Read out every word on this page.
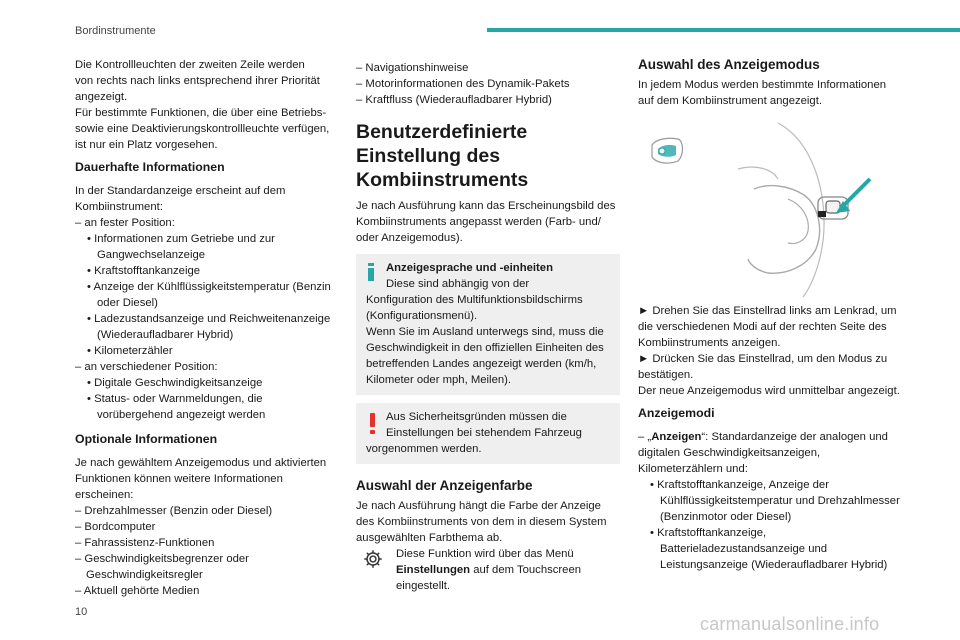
Bordinstrumente

Die Kontrollleuchten der zweiten Zeile werden

von rechts nach links entsprechend ihrer Priorität

angezeigt.

Für bestimmte Funktionen, die über eine Betriebs-

sowie eine Deaktivierungskontrollleuchte verfügen,

ist nur ein Platz vorgesehen.

Dauerhafte Informationen

In der Standardanzeige erscheint auf dem Kombiinstrument:

– an fester Position:

• Informationen zum Getriebe und zur Gangwechselanzeige

• Kraftstofftankanzeige

• Anzeige der Kühlflüssigkeitstemperatur (Benzin oder Diesel)

• Ladezustandsanzeige und Reichweitenanzeige (Wiederaufladbarer Hybrid)

• Kilometerzähler

– an verschiedener Position:

• Digitale Geschwindigkeitsanzeige

• Status- oder Warnmeldungen, die vorübergehend angezeigt werden

Optionale Informationen

Je nach gewähltem Anzeigemodus und aktivierten Funktionen können weitere Informationen erscheinen:

– Drehzahlmesser (Benzin oder Diesel)

– Bordcomputer

– Fahrassistenz-Funktionen

– Geschwindigkeitsbegrenzer oder Geschwindigkeitsregler

– Aktuell gehörte Medien

– Navigationshinweise

– Motorinformationen des Dynamik-Pakets

– Kraftfluss (Wiederaufladbarer Hybrid)

Benutzerdefinierte Einstellung des Kombiinstruments

Je nach Ausführung kann das Erscheinungsbild des Kombiinstruments angepasst werden (Farb- und/ oder Anzeigemodus).

Anzeigesprache und -einheiten
Diese sind abhängig von der
Konfiguration des Multifunktionsbildschirms (Konfigurationsmenü).
Wenn Sie im Ausland unterwegs sind, muss die Geschwindigkeit in den offiziellen Einheiten des betreffenden Landes angezeigt werden (km/h, Kilometer oder mph, Meilen).
Aus Sicherheitsgründen müssen die
Einstellungen bei stehendem Fahrzeug
vorgenommen werden.
Auswahl der Anzeigenfarbe

Je nach Ausführung hängt die Farbe der Anzeige des Kombiinstruments von dem in diesem System ausgewählten Farbthema ab.

Diese Funktion wird über das Menü
Einstellungen auf dem Touchscreen eingestellt.
Auswahl des Anzeigemodus

In jedem Modus werden bestimmte Informationen auf dem Kombiinstrument angezeigt.

► Drehen Sie das Einstellrad links am Lenkrad, um die verschiedenen Modi auf der rechten Seite des Kombiinstruments anzeigen.

► Drücken Sie das Einstellrad, um den Modus zu bestätigen.

Der neue Anzeigemodus wird unmittelbar angezeigt.

Anzeigemodi

– „Anzeigen“: Standardanzeige der analogen und digitalen Geschwindigkeitsanzeigen, Kilometerzählern und:

• Kraftstofftankanzeige, Anzeige der Kühlflüssigkeitstemperatur und Drehzahlmesser (Benzinmotor oder Diesel)

• Kraftstofftankanzeige, Batterieladezustandsanzeige und Leistungsanzeige (Wiederaufladbarer Hybrid)

10
carmanualsonline.info
